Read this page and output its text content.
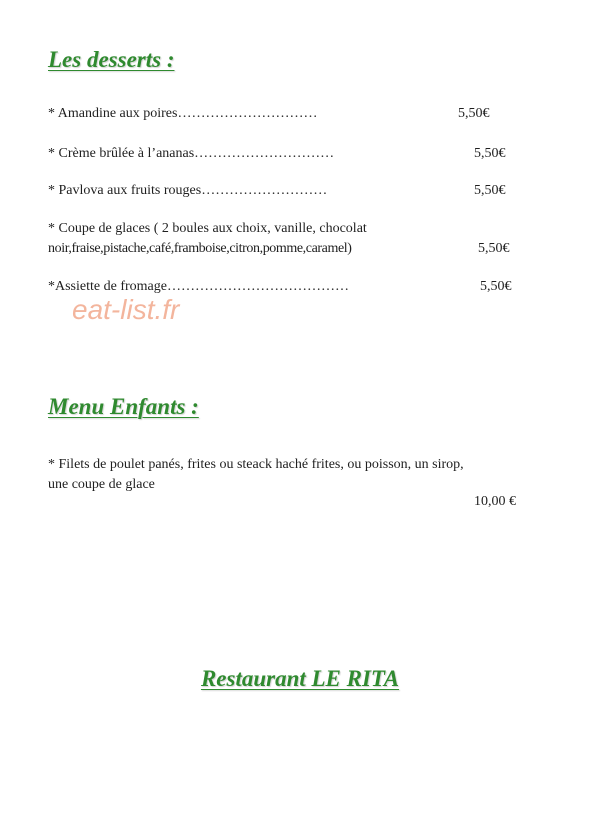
Les desserts :
* Amandine aux poires…………………………	5,50€
* Crème brûlée à l’ananas…………………………	5,50€
* Pavlova aux fruits rouges………………………	5,50€
* Coupe de glaces ( 2 boules aux choix, vanille, chocolat
noir,fraise,pistache,café,framboise,citron,pomme,caramel)	5,50€
*Assiette de fromage…………………………………	5,50€
eat-list.fr
Menu Enfants :
* Filets de poulet panés, frites ou steack haché frites, ou poisson, un sirop,
une coupe de glace
10,00 €
Restaurant LE RITA
